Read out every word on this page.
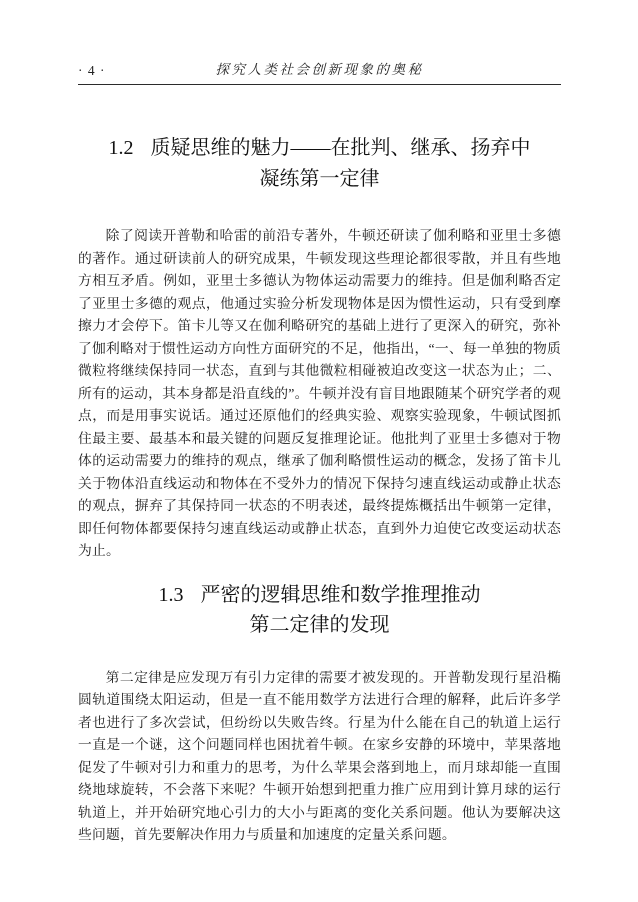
· 4 ·	探究人类社会创新现象的奥秘
1.2 质疑思维的魅力——在批判、继承、扬弃中
凝练第一定律

除了阅读开普勒和哈雷的前沿专著外，牛顿还研读了伽利略和亚里士多德的著作。通过研读前人的研究成果，牛顿发现这些理论都很零散，并且有些地方相互矛盾。例如，亚里士多德认为物体运动需要力的维持。但是伽利略否定了亚里士多德的观点，他通过实验分析发现物体是因为惯性运动，只有受到摩擦力才会停下。笛卡儿等又在伽利略研究的基础上进行了更深入的研究，弥补了伽利略对于惯性运动方向性方面研究的不足，他指出，“一、每一单独的物质微粒将继续保持同一状态，直到与其他微粒相碰被迫改变这一状态为止；二、所有的运动，其本身都是沿直线的”。牛顿并没有盲目地跟随某个研究学者的观点，而是用事实说话。通过还原他们的经典实验、观察实验现象，牛顿试图抓住最主要、最基本和最关键的问题反复推理论证。他批判了亚里士多德对于物体的运动需要力的维持的观点，继承了伽利略惯性运动的概念，发扬了笛卡儿关于物体沿直线运动和物体在不受外力的情况下保持匀速直线运动或静止状态的观点，摒弃了其保持同一状态的不明表述，最终提炼概括出牛顿第一定律，即任何物体都要保持匀速直线运动或静止状态，直到外力迫使它改变运动状态为止。

1.3 严密的逻辑思维和数学推理推动
第二定律的发现

第二定律是应发现万有引力定律的需要才被发现的。开普勒发现行星沿椭圆轨道围绕太阳运动，但是一直不能用数学方法进行合理的解释，此后许多学者也进行了多次尝试，但纷纷以失败告终。行星为什么能在自己的轨道上运行一直是一个谜，这个问题同样也困扰着牛顿。在家乡安静的环境中，苹果落地促发了牛顿对引力和重力的思考，为什么苹果会落到地上，而月球却能一直围绕地球旋转，不会落下来呢？牛顿开始想到把重力推广应用到计算月球的运行轨道上，并开始研究地心引力的大小与距离的变化关系问题。他认为要解决这些问题，首先要解决作用力与质量和加速度的定量关系问题。
